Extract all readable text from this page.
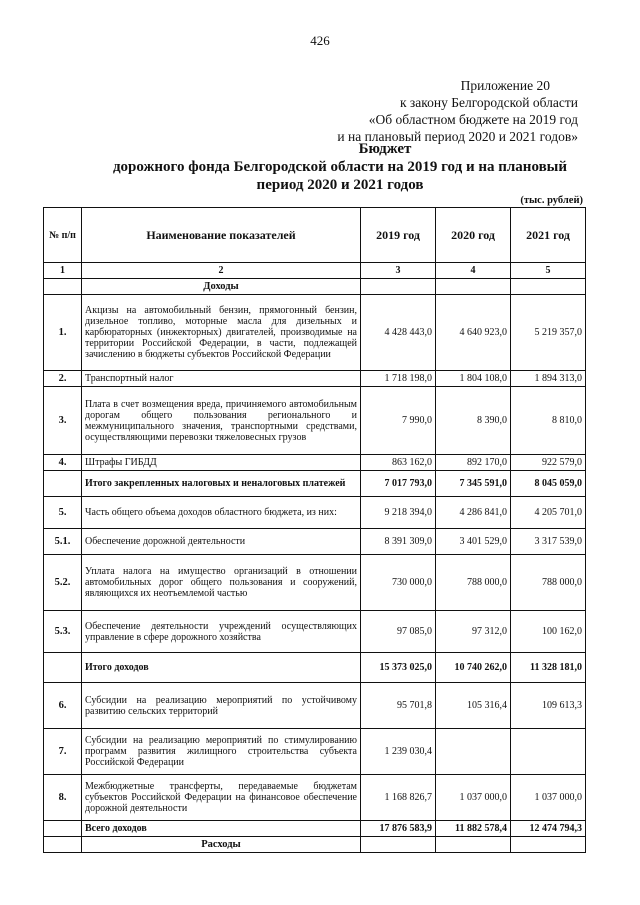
426
Приложение 20
к закону Белгородской области
«Об областном бюджете на 2019 год
и на плановый период 2020 и 2021 годов»
Бюджет
дорожного фонда Белгородской области на 2019 год и на плановый
период 2020 и 2021 годов
(тыс. рублей)
№ п/п	Наименование показателей	2019 год	2020 год	2021 год
1	2	3	4	5
	Доходы			
1.	Акцизы на автомобильный бензин, прямогонный бензин, дизельное топливо, моторные масла для дизельных и карбюраторных (инжекторных) двигателей, производимые на территории Российской Федерации, в части, подлежащей зачислению в бюджеты субъектов Российской Федерации	4 428 443,0	4 640 923,0	5 219 357,0
2.	Транспортный налог	1 718 198,0	1 804 108,0	1 894 313,0
3.	Плата в счет возмещения вреда, причиняемого автомобильным дорогам общего пользования регионального и межмуниципального значения, транспортными средствами, осуществляющими перевозки тяжеловесных грузов	7 990,0	8 390,0	8 810,0
4.	Штрафы ГИБДД	863 162,0	892 170,0	922 579,0
	Итого закрепленных налоговых и неналоговых платежей	7 017 793,0	7 345 591,0	8 045 059,0
5.	Часть общего объема доходов областного бюджета, из них:	9 218 394,0	4 286 841,0	4 205 701,0
5.1.	Обеспечение дорожной деятельности	8 391 309,0	3 401 529,0	3 317 539,0
5.2.	Уплата налога на имущество организаций в отношении автомобильных дорог общего пользования и сооружений, являющихся их неотъемлемой частью	730 000,0	788 000,0	788 000,0
5.3.	Обеспечение деятельности учреждений осуществляющих управление в сфере дорожного хозяйства	97 085,0	97 312,0	100 162,0
	Итого доходов	15 373 025,0	10 740 262,0	11 328 181,0
6.	Субсидии на реализацию мероприятий по устойчивому развитию сельских территорий	95 701,8	105 316,4	109 613,3
7.	Субсидии на реализацию мероприятий по стимулированию программ развития жилищного строительства субъекта Российской Федерации	1 239 030,4		
8.	Межбюджетные трансферты, передаваемые бюджетам субъектов Российской Федерации на финансовое обеспечение дорожной деятельности	1 168 826,7	1 037 000,0	1 037 000,0
	Всего доходов	17 876 583,9	11 882 578,4	12 474 794,3
	Расходы			
